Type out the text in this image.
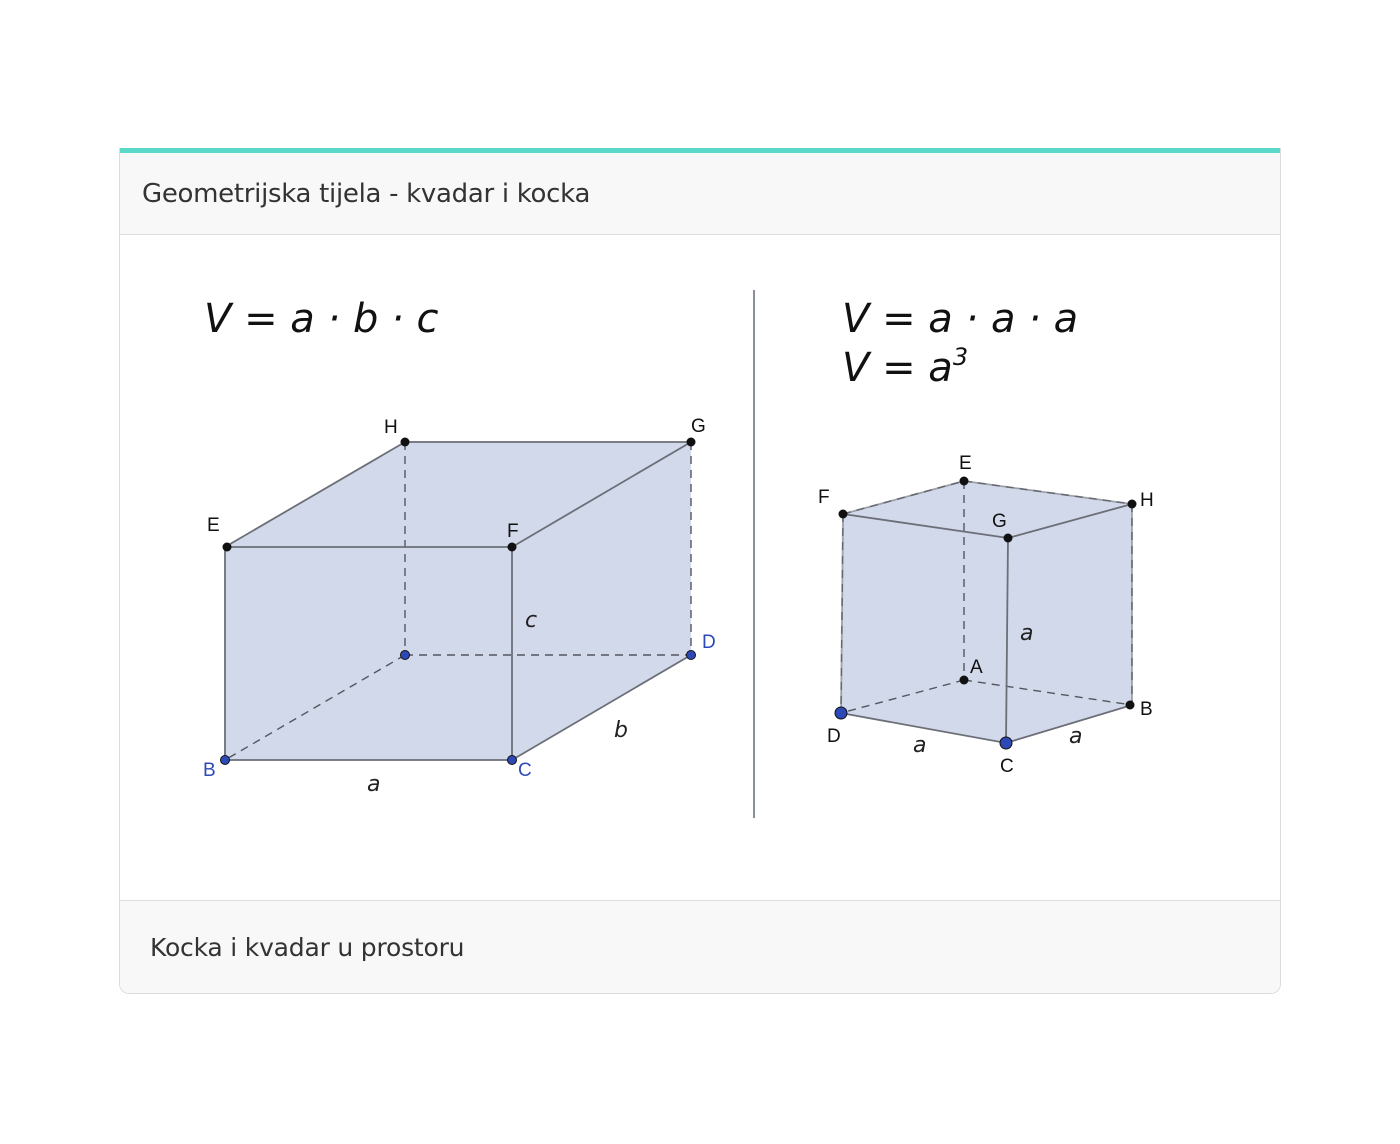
Geometrijska tijela - kvadar i kocka
V = a · b · c
H	G
E	F
D
B	C
a
b
c
V = a · a · a
$V = a^3$
E
F
G
H
A
B
C
D
a
a	a
Kocka i kvadar u prostoru
